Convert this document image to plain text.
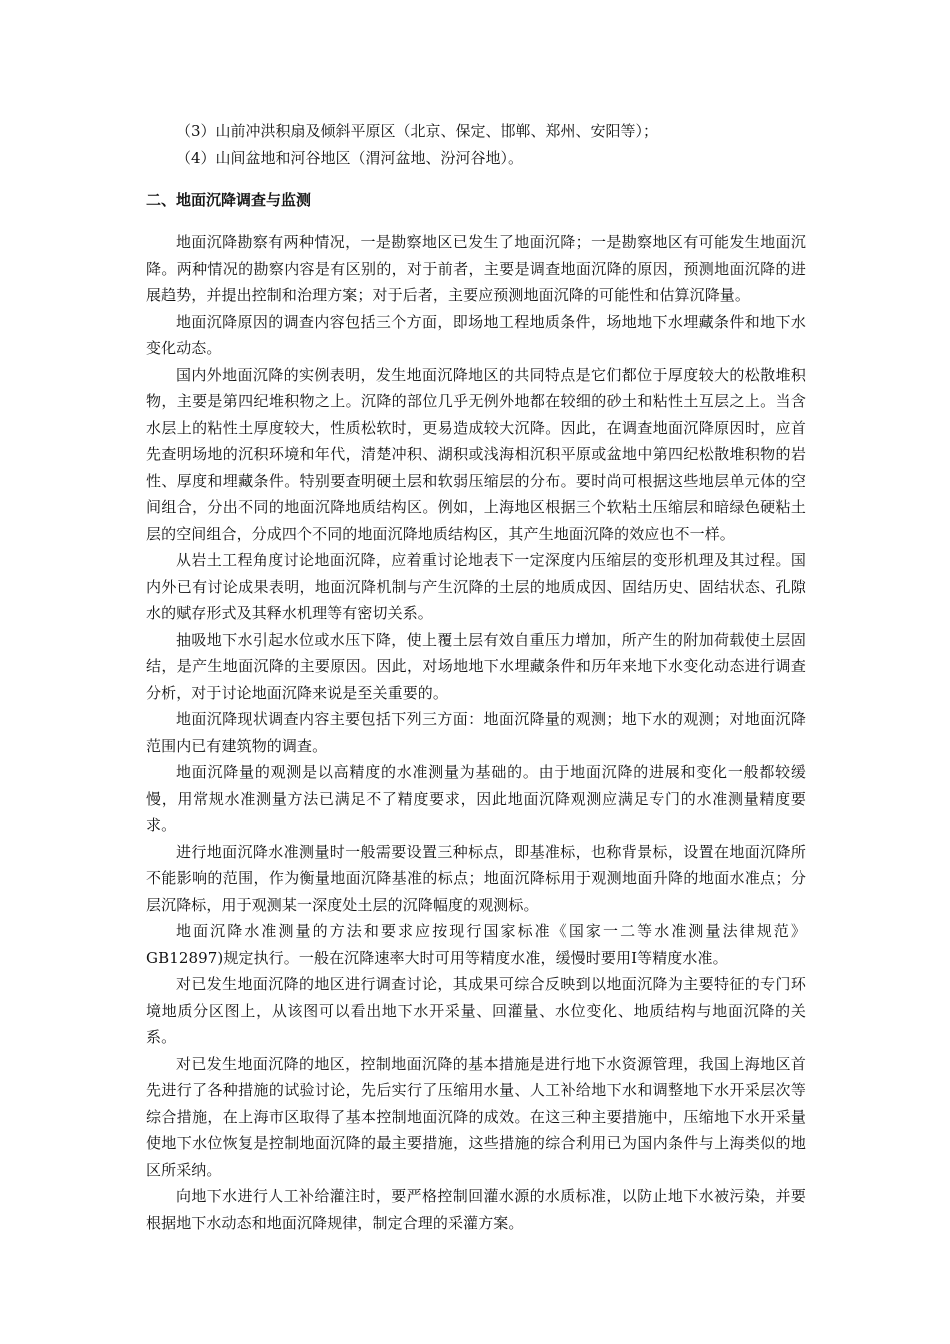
（3）山前冲洪积扇及倾斜平原区（北京、保定、邯郸、郑州、安阳等）；

（4）山间盆地和河谷地区（渭河盆地、汾河谷地）。

二、地面沉降调查与监测

地面沉降勘察有两种情况，一是勘察地区已发生了地面沉降；一是勘察地区有可能发生地面沉降。两种情况的勘察内容是有区别的，对于前者，主要是调查地面沉降的原因，预测地面沉降的进展趋势，并提出控制和治理方案；对于后者，主要应预测地面沉降的可能性和估算沉降量。

地面沉降原因的调查内容包括三个方面，即场地工程地质条件，场地地下水埋藏条件和地下水变化动态。

国内外地面沉降的实例表明，发生地面沉降地区的共同特点是它们都位于厚度较大的松散堆积物，主要是第四纪堆积物之上。沉降的部位几乎无例外地都在较细的砂土和粘性土互层之上。当含水层上的粘性土厚度较大，性质松软时，更易造成较大沉降。因此，在调查地面沉降原因时，应首先查明场地的沉积环境和年代，清楚冲积、湖积或浅海相沉积平原或盆地中第四纪松散堆积物的岩性、厚度和埋藏条件。特别要查明硬土层和软弱压缩层的分布。要时尚可根据这些地层单元体的空间组合，分出不同的地面沉降地质结构区。例如，上海地区根据三个软粘土压缩层和暗绿色硬粘土层的空间组合，分成四个不同的地面沉降地质结构区，其产生地面沉降的效应也不一样。

从岩土工程角度讨论地面沉降，应着重讨论地表下一定深度内压缩层的变形机理及其过程。国内外已有讨论成果表明，地面沉降机制与产生沉降的土层的地质成因、固结历史、固结状态、孔隙水的赋存形式及其释水机理等有密切关系。

抽吸地下水引起水位或水压下降，使上覆土层有效自重压力增加，所产生的附加荷载使土层固结，是产生地面沉降的主要原因。因此，对场地地下水埋藏条件和历年来地下水变化动态进行调查分析，对于讨论地面沉降来说是至关重要的。

地面沉降现状调查内容主要包括下列三方面：地面沉降量的观测；地下水的观测；对地面沉降范围内已有建筑物的调查。

地面沉降量的观测是以高精度的水准测量为基础的。由于地面沉降的进展和变化一般都较缓慢，用常规水准测量方法已满足不了精度要求，因此地面沉降观测应满足专门的水准测量精度要求。

进行地面沉降水准测量时一般需要设置三种标点，即基准标，也称背景标，设置在地面沉降所不能影响的范围，作为衡量地面沉降基准的标点；地面沉降标用于观测地面升降的地面水准点；分层沉降标，用于观测某一深度处土层的沉降幅度的观测标。

地面沉降水准测量的方法和要求应按现行国家标准《国家一二等水准测量法律规范》GB12897)规定执行。一般在沉降速率大时可用等精度水准，缓慢时要用Ⅰ等精度水准。

对已发生地面沉降的地区进行调查讨论，其成果可综合反映到以地面沉降为主要特征的专门环境地质分区图上，从该图可以看出地下水开采量、回灌量、水位变化、地质结构与地面沉降的关系。

对已发生地面沉降的地区，控制地面沉降的基本措施是进行地下水资源管理，我国上海地区首先进行了各种措施的试验讨论，先后实行了压缩用水量、人工补给地下水和调整地下水开采层次等综合措施，在上海市区取得了基本控制地面沉降的成效。在这三种主要措施中，压缩地下水开采量使地下水位恢复是控制地面沉降的最主要措施，这些措施的综合利用已为国内条件与上海类似的地区所采纳。

向地下水进行人工补给灌注时，要严格控制回灌水源的水质标准，以防止地下水被污染，并要根据地下水动态和地面沉降规律，制定合理的采灌方案。
